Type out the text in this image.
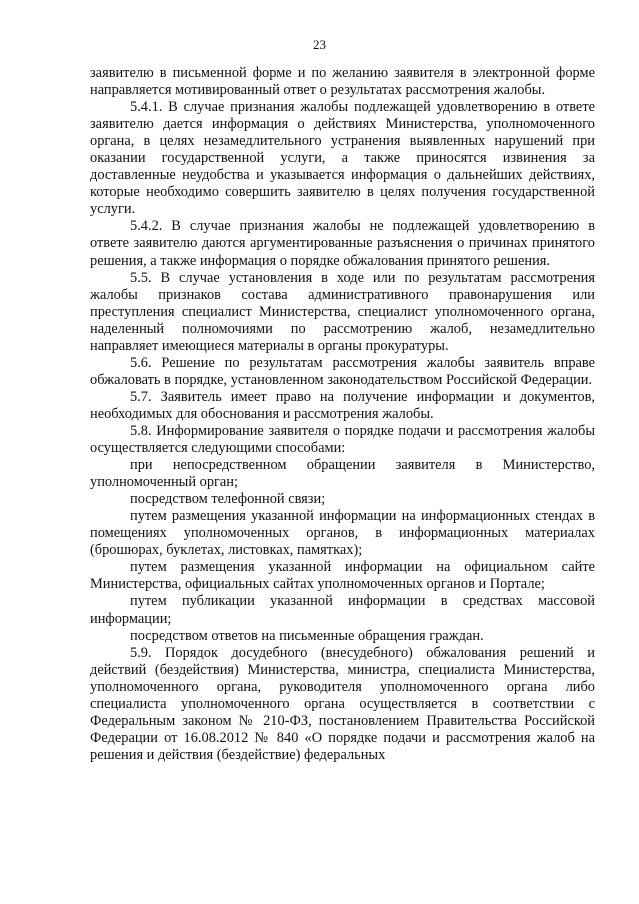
23

заявителю в письменной форме и по желанию заявителя в электронной форме направляется мотивированный ответ о результатах рассмотрения жалобы.

5.4.1. В случае признания жалобы подлежащей удовлетворению в ответе заявителю дается информация о действиях Министерства, уполномоченного органа, в целях незамедлительного устранения выявленных нарушений при оказании государственной услуги, а также приносятся извинения за доставленные неудобства и указывается информация о дальнейших действиях, которые необходимо совершить заявителю в целях получения государственной услуги.

5.4.2. В случае признания жалобы не подлежащей удовлетворению в ответе заявителю даются аргументированные разъяснения о причинах принятого решения, а также информация о порядке обжалования принятого решения.

5.5. В случае установления в ходе или по результатам рассмотрения жалобы признаков состава административного правонарушения или преступления специалист Министерства, специалист уполномоченного органа, наделенный полномочиями по рассмотрению жалоб, незамедлительно направляет имеющиеся материалы в органы прокуратуры.

5.6. Решение по результатам рассмотрения жалобы заявитель вправе обжаловать в порядке, установленном законодательством Российской Федерации.

5.7. Заявитель имеет право на получение информации и документов, необходимых для обоснования и рассмотрения жалобы.

5.8. Информирование заявителя о порядке подачи и рассмотрения жалобы осуществляется следующими способами:

при непосредственном обращении заявителя в Министерство, уполномоченный орган;

посредством телефонной связи;

путем размещения указанной информации на информационных стендах в помещениях уполномоченных органов, в информационных материалах (брошюрах, буклетах, листовках, памятках);

путем размещения указанной информации на официальном сайте Министерства, официальных сайтах уполномоченных органов и Портале;

путем публикации указанной информации в средствах массовой информации;

посредством ответов на письменные обращения граждан.

5.9. Порядок досудебного (внесудебного) обжалования решений и действий (бездействия) Министерства, министра, специалиста Министерства, уполномоченного органа, руководителя уполномоченного органа либо специалиста уполномоченного органа осуществляется в соответствии с Федеральным законом № 210-ФЗ, постановлением Правительства Российской Федерации от 16.08.2012 № 840 «О порядке подачи и рассмотрения жалоб на решения и действия (бездействие) федеральных
